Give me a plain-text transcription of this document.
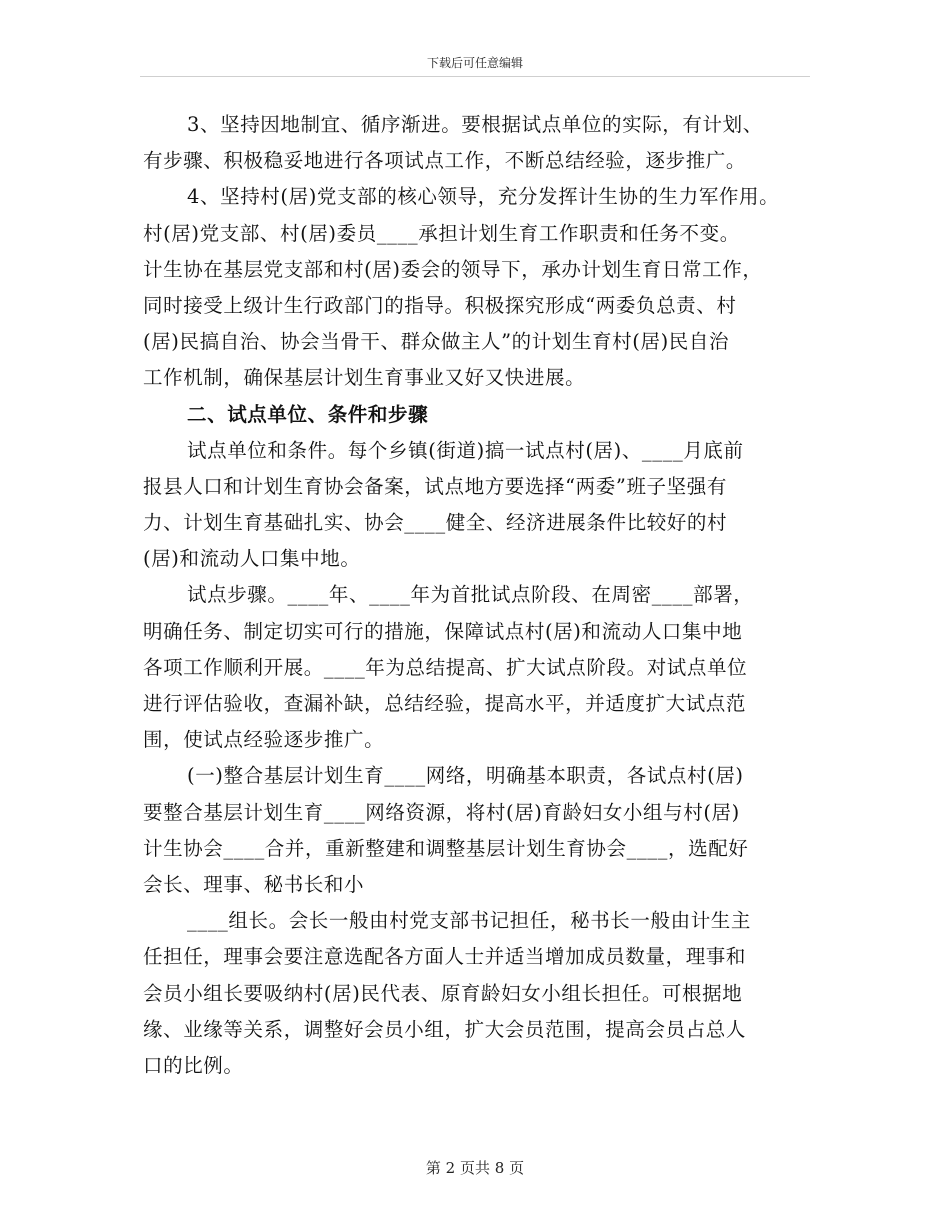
下载后可任意编辑
3、坚持因地制宜、循序渐进。要根据试点单位的实际，有计划、
有步骤、积极稳妥地进行各项试点工作，不断总结经验，逐步推广。
4、坚持村(居)党支部的核心领导，充分发挥计生协的生力军作用。
村(居)党支部、村(居)委员____承担计划生育工作职责和任务不变。
计生协在基层党支部和村(居)委会的领导下，承办计划生育日常工作，
同时接受上级计生行政部门的指导。积极探究形成“两委负总责、村
(居)民搞自治、协会当骨干、群众做主人”的计划生育村(居)民自治
工作机制，确保基层计划生育事业又好又快进展。
二、试点单位、条件和步骤
试点单位和条件。每个乡镇(街道)搞一试点村(居)、____月底前
报县人口和计划生育协会备案，试点地方要选择“两委”班子坚强有
力、计划生育基础扎实、协会____健全、经济进展条件比较好的村
(居)和流动人口集中地。
试点步骤。____年、____年为首批试点阶段、在周密____部署，
明确任务、制定切实可行的措施，保障试点村(居)和流动人口集中地
各项工作顺利开展。____年为总结提高、扩大试点阶段。对试点单位
进行评估验收，查漏补缺，总结经验，提高水平，并适度扩大试点范
围，使试点经验逐步推广。
(一)整合基层计划生育____网络，明确基本职责，各试点村(居)
要整合基层计划生育____网络资源，将村(居)育龄妇女小组与村(居)
计生协会____合并，重新整建和调整基层计划生育协会____，选配好
会长、理事、秘书长和小
____组长。会长一般由村党支部书记担任，秘书长一般由计生主
任担任，理事会要注意选配各方面人士并适当增加成员数量，理事和
会员小组长要吸纳村(居)民代表、原育龄妇女小组长担任。可根据地
缘、业缘等关系，调整好会员小组，扩大会员范围，提高会员占总人
口的比例。
第 2 页共 8 页
